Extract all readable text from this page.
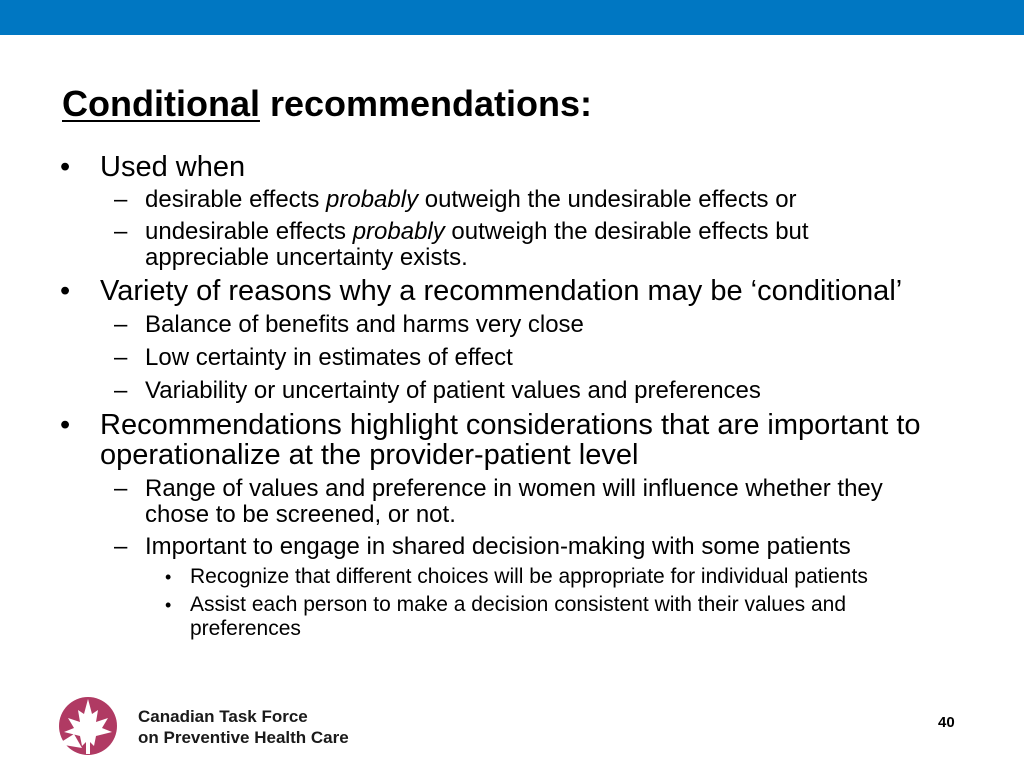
Conditional recommendations:
• Used when
– desirable effects probably outweigh the undesirable effects or
– undesirable effects probably outweigh the desirable effects but
appreciable uncertainty exists.
• Variety of reasons why a recommendation may be ‘conditional’
– Balance of benefits and harms very close
– Low certainty in estimates of effect
– Variability or uncertainty of patient values and preferences
• Recommendations highlight considerations that are important to
operationalize at the provider-patient level
– Range of values and preference in women will influence whether they
chose to be screened, or not.
– Important to engage in shared decision-making with some patients
• Recognize that different choices will be appropriate for individual patients
• Assist each person to make a decision consistent with their values and
preferences
Canadian Task Force
on Preventive Health Care
40
